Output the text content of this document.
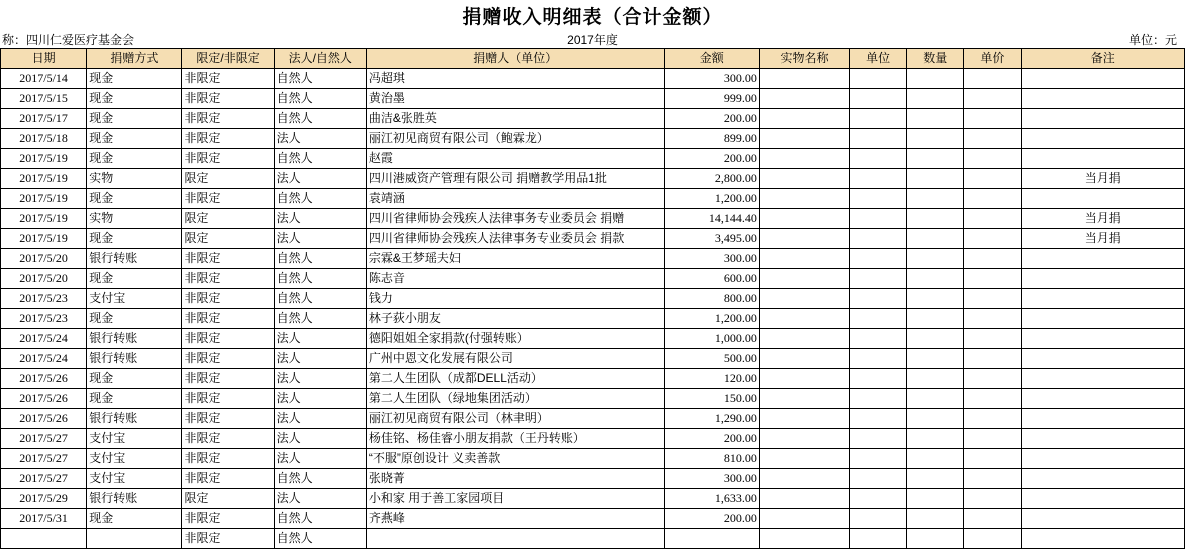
捐赠收入明细表（合计金额）
称：四川仁爱医疗基金会	2017年度	单位：元
日期	捐赠方式	限定/非限定	法人/自然人	捐赠人（单位）	金额	实物名称	单位	数量	单价	备注
2017/5/14	现金	非限定	自然人	冯超琪	300.00					
2017/5/15	现金	非限定	自然人	黄治墨	999.00					
2017/5/17	现金	非限定	自然人	曲洁&张胜英	200.00					
2017/5/18	现金	非限定	法人	丽江初见商贸有限公司（鲍霖龙）	899.00					
2017/5/19	现金	非限定	自然人	赵霞	200.00					
2017/5/19	实物	限定	法人	四川港威资产管理有限公司 捐赠教学用品1批	2,800.00					当月捐
2017/5/19	现金	非限定	自然人	袁靖涵	1,200.00					
2017/5/19	实物	限定	法人	四川省律师协会残疾人法律事务专业委员会 捐赠	14,144.40					当月捐
2017/5/19	现金	限定	法人	四川省律师协会残疾人法律事务专业委员会 捐款	3,495.00					当月捐
2017/5/20	银行转账	非限定	自然人	宗霖&王梦瑶夫妇	300.00					
2017/5/20	现金	非限定	自然人	陈志音	600.00					
2017/5/23	支付宝	非限定	自然人	钱力	800.00					
2017/5/23	现金	非限定	自然人	林子荻小朋友	1,200.00					
2017/5/24	银行转账	非限定	法人	德阳姐姐全家捐款(付强转账）	1,000.00					
2017/5/24	银行转账	非限定	法人	广州中恩文化发展有限公司	500.00					
2017/5/26	现金	非限定	法人	第二人生团队（成都DELL活动）	120.00					
2017/5/26	现金	非限定	法人	第二人生团队（绿地集团活动）	150.00					
2017/5/26	银行转账	非限定	法人	丽江初见商贸有限公司（林聿明）	1,290.00					
2017/5/27	支付宝	非限定	法人	杨佳铭、杨佳睿小朋友捐款（王丹转账）	200.00					
2017/5/27	支付宝	非限定	法人	“不服”原创设计 义卖善款	810.00					
2017/5/27	支付宝	非限定	自然人	张晓菁	300.00					
2017/5/29	银行转账	限定	法人	小和家 用于善工家园项目	1,633.00					
2017/5/31	现金	非限定	自然人	齐燕峰	200.00					
		非限定	自然人							
